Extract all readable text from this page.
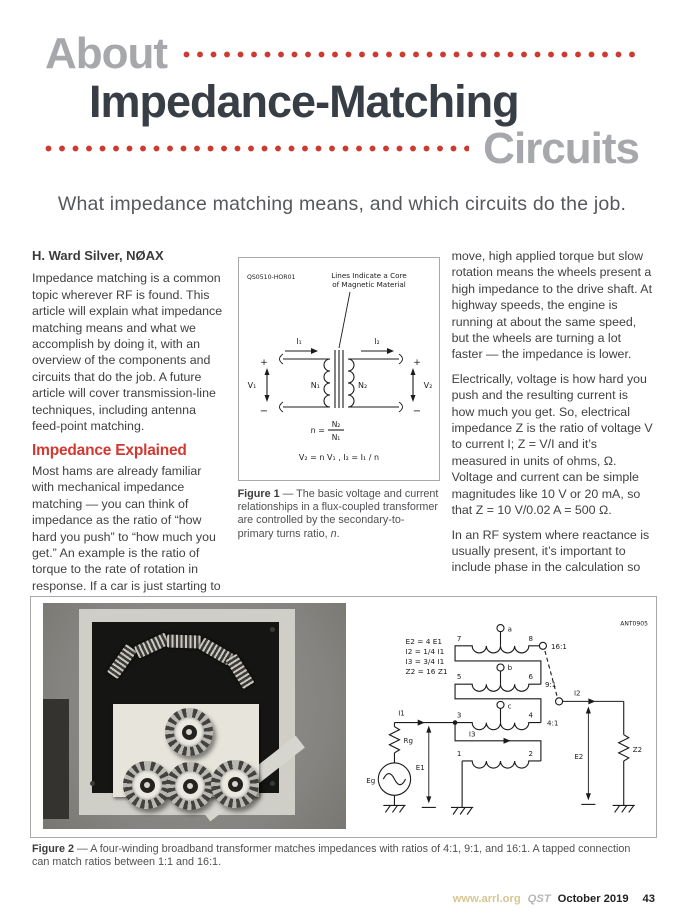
About
Impedance-Matching
Circuits
What impedance matching means, and which circuits do the job.
H. Ward Silver, NØAX

Impedance matching is a common topic wherever RF is found. This article will explain what impedance matching means and what we accomplish by doing it, with an overview of the components and circuits that do the job. A future article will cover transmission-line techniques, including antenna feed-point matching.

Impedance Explained

Most hams are already familiar with mechanical impedance matching — you can think of impedance as the ratio of “how hard you push” to “how much you get.” An example is the ratio of torque to the rate of rotation in response. If a car is just starting to

QS0510-HOR01	Lines Indicate a Core
of Magnetic Material
I₁	I₂
+
−
V₁
+
−
V₂
N₁	N₂
n =
N₂
N₁
V₂ = n V₁ , I₂ = I₁ / n
Figure 1 — The basic voltage and current relationships in a flux-coupled transformer are controlled by the secondary-to-primary turns ratio, n.

move, high applied torque but slow rotation means the wheels present a high impedance to the drive shaft. At highway speeds, the engine is running at about the same speed, but the wheels are turning a lot faster — the impedance is lower.

Electrically, voltage is how hard you push and the resulting current is how much you get. So, electrical impedance Z is the ratio of voltage V to current I; Z = V/I and it’s measured in units of ohms, Ω. Voltage and current can be simple magnitudes like 10 V or 20 mA, so that Z = 10 V/0.02 A = 500 Ω.

In an RF system where reactance is usually present, it’s important to include phase in the calculation so

ANT0905
E2 = 4 E1
I2 = 1/4 I1
I3 = 3/4 I1
Z2 = 16 Z1
7	8
a
5	6
b
3	4
c
1	2
16:1
9:1
4:1
I1
Rg
Eg
E1
I3
I2
Z2
E2
Figure 2 — A four-winding broadband transformer matches impedances with ratios of 4:1, 9:1, and 16:1. A tapped connection can match ratios between 1:1 and 16:1.
www.arrl.org QST October 2019 43
